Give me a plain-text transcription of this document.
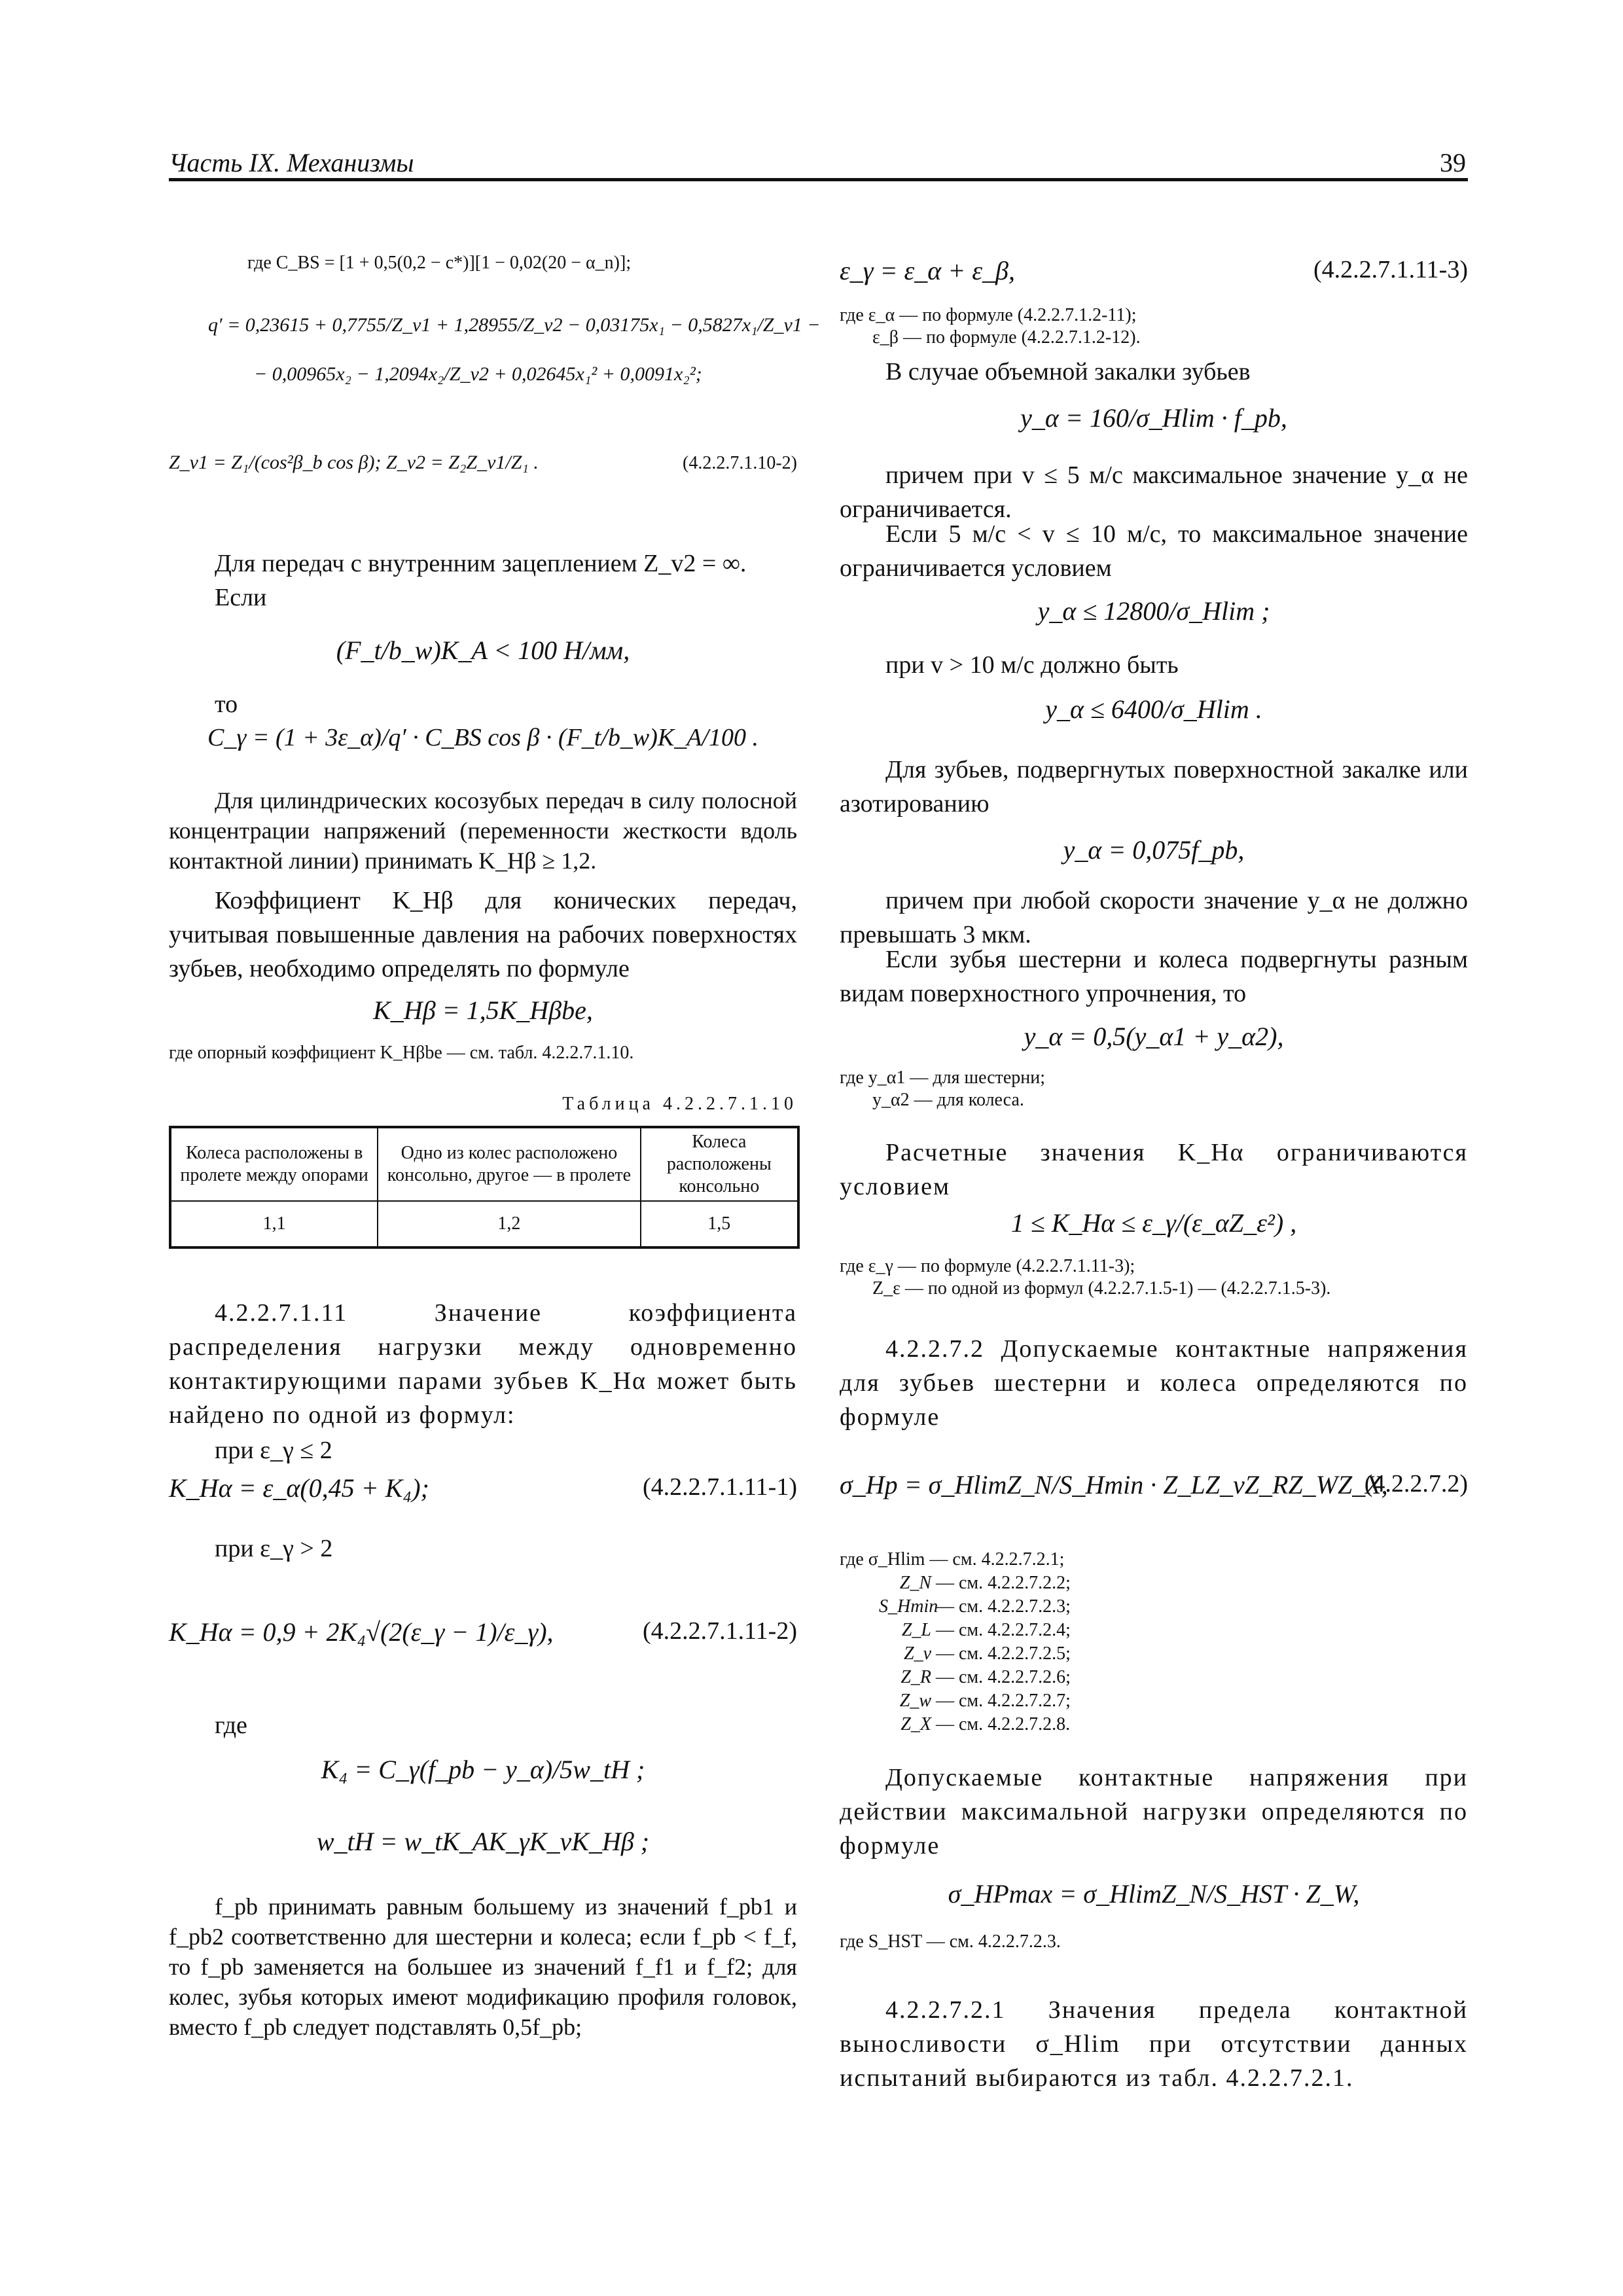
Часть IX. Механизмы	39
где C_BS = [1 + 0,5(0,2 − c*)][1 − 0,02(20 − α_n)];
q′ = 0,23615 + 0,7755/Z_v1 + 1,28955/Z_v2 − 0,03175x₁ − 0,5827x₁/Z_v1 −
− 0,00965x₂ − 1,2094x₂/Z_v2 + 0,02645x₁² + 0,0091x₂²;
Z_v1 = Z₁/(cos²β_b cos β); Z_v2 = Z₂Z_v1/Z₁ .	(4.2.2.7.1.10-2)
Для передач с внутренним зацеплением Z_v2 = ∞.
Если
(F_t/b_w)K_A < 100 Н/мм,
то
C_γ = (1 + 3ε_α)/q′ · C_BS cos β · (F_t/b_w)K_A/100 .
Для цилиндрических косозубых передач в силу полосной концентрации напряжений (переменности жесткости вдоль контактной линии) принимать K_Hβ ≥ 1,2.
Коэффициент K_Hβ для конических передач, учитывая повышенные давления на рабочих поверхностях зубьев, необходимо определять по формуле
K_Hβ = 1,5K_Hβbe,
где опорный коэффициент K_Hβbe — см. табл. 4.2.2.7.1.10.
Таблица 4.2.2.7.1.10
Колеса расположены в пролете между опорами	Одно из колес расположено консольно, другое — в пролете	Колеса расположены консольно
1,1	1,2	1,5
4.2.2.7.1.11 Значение коэффициента распределения нагрузки между одновременно контактирующими парами зубьев K_Hα может быть найдено по одной из формул:
при ε_γ ≤ 2
K_Hα = ε_α(0,45 + K₄);	(4.2.2.7.1.11-1)
при ε_γ > 2
K_Hα = 0,9 + 2K₄√(2(ε_γ − 1)/ε_γ),	(4.2.2.7.1.11-2)
где
K₄ = C_γ(f_pb − y_α)/5w_tH ;
w_tH = w_tK_AK_γK_vK_Hβ ;
f_pb принимать равным большему из значений f_pb1 и f_pb2 соответственно для шестерни и колеса; если f_pb < f_f, то f_pb заменяется на большее из значений f_f1 и f_f2; для колес, зубья которых имеют модификацию профиля головок, вместо f_pb следует подставлять 0,5f_pb;
ε_γ = ε_α + ε_β,	(4.2.2.7.1.11-3)
где ε_α — по формуле (4.2.2.7.1.2-11);
ε_β — по формуле (4.2.2.7.1.2-12).
В случае объемной закалки зубьев
y_α = 160/σ_Hlim · f_pb,
причем при v ≤ 5 м/с максимальное значение y_α не ограничивается.
Если 5 м/с < v ≤ 10 м/с, то максимальное значение ограничивается условием
y_α ≤ 12800/σ_Hlim ;
при v > 10 м/с должно быть
y_α ≤ 6400/σ_Hlim .
Для зубьев, подвергнутых поверхностной закалке или азотированию
y_α = 0,075f_pb,
причем при любой скорости значение y_α не должно превышать 3 мкм.
Если зубья шестерни и колеса подвергнуты разным видам поверхностного упрочнения, то
y_α = 0,5(y_α1 + y_α2),
где y_α1 — для шестерни;
y_α2 — для колеса.
Расчетные значения K_Hα ограничиваются условием
1 ≤ K_Hα ≤ ε_γ/(ε_αZ_ε²) ,
где ε_γ — по формуле (4.2.2.7.1.11-3);
Z_ε — по одной из формул (4.2.2.7.1.5-1) — (4.2.2.7.1.5-3).
4.2.2.7.2 Допускаемые контактные напряжения для зубьев шестерни и колеса определяются по формуле
σ_Hp = σ_HlimZ_N/S_Hmin · Z_LZ_vZ_RZ_WZ_X,
(4.2.2.7.2)
где σ_Hlim — см. 4.2.2.7.2.1;
Z_N — см. 4.2.2.7.2.2;
S_Hmin — см. 4.2.2.7.2.3;
Z_L — см. 4.2.2.7.2.4;
Z_v — см. 4.2.2.7.2.5;
Z_R — см. 4.2.2.7.2.6;
Z_w — см. 4.2.2.7.2.7;
Z_X — см. 4.2.2.7.2.8.
Допускаемые контактные напряжения при действии максимальной нагрузки определяются по формуле
σ_HPmax = σ_HlimZ_N/S_HST · Z_W,
где S_HST — см. 4.2.2.7.2.3.
4.2.2.7.2.1 Значения предела контактной выносливости σ_Hlim при отсутствии данных испытаний выбираются из табл. 4.2.2.7.2.1.
